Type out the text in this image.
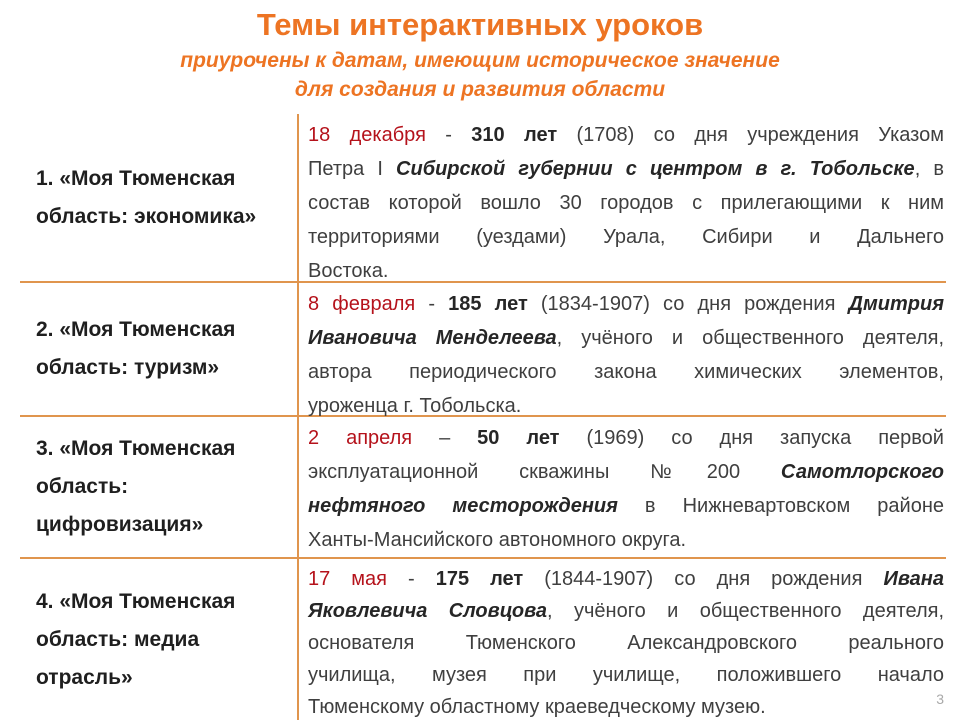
Темы интерактивных уроков
приурочены к датам, имеющим историческое значение
для создания и развития области
1. «Моя Тюменская
область: экономика»
18 декабря - 310 лет (1708) со дня учреждения Указом
Петра I Сибирской губернии с центром в г. Тобольске, в
состав которой вошло 30 городов с прилегающими к ним
территориями (уездами) Урала, Сибири и Дальнего
Востока.
2. «Моя Тюменская
область: туризм»
8 февраля - 185 лет (1834-1907) со дня рождения Дмитрия
Ивановича Менделеева, учёного и общественного деятеля,
автора периодического закона химических элементов,
уроженца г. Тобольска.
3. «Моя Тюменская
область:
цифровизация»
2 апреля – 50 лет (1969) со дня запуска первой
эксплуатационной скважины №200 Самотлорского
нефтяного месторождения в Нижневартовском районе
Ханты-Мансийского автономного округа.
4. «Моя Тюменская
область: медиа
отрасль»
17 мая - 175 лет (1844-1907) со дня рождения Ивана
Яковлевича Словцова, учёного и общественного деятеля,
основателя Тюменского Александровского реального
училища, музея при училище, положившего начало
Тюменскому областному краеведческому музею.	3
